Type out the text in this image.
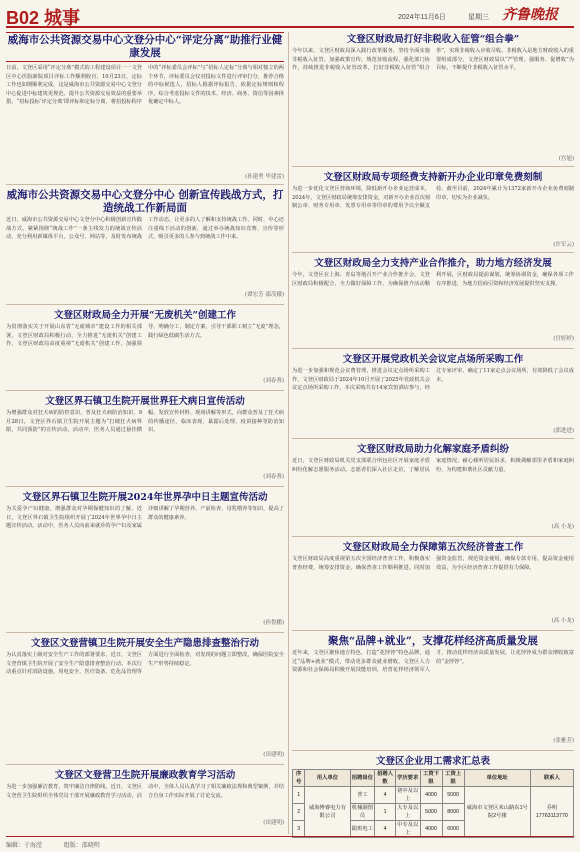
B02 城事	2024年11月6日	星期三 齐鲁晚报
威海市公共资源交易中心文登分中心“评定分离”助推行业健康发展
日前，文登区采用“评定分离”模式的工程建设项目一一文登区中心医院新院项目评标工作顺利收官，10月23日，定标工作也如期顺利完成，这是威海市公共资源交易中心文登分中心促进中标建筑更规范、提升公共资源交易效益的重要举措。“招标投标‘评定分离’即评标和定标分离，将招投标程序中的“评标委员会评标”与“招标人定标”分离与相对独立的两个环节，评标委员会仅对投标文件进行评审打分，推荐合格的中标候选人，招标人根据评标报告，依据定标规则和程序，综合考虑投标文件的技术、经济、商务、资信等因素择优确定中标人。
(孙建勇 毕建雷)
威海市公共资源交易中心文登分中心 创新宣传践战方式，打造统战工作新局面
近日，威海市公共资源交易中心文登分中心积极创新宣传践战方式，紧紧围绕“统战工作”一条主线发力的统战宣传活动，充分利用新媒体平台，公众号、网站等，及时发布统战工作动态，让更多的人了解和支持统战工作。同时，中心还注重线下活动的创新，通过举办统战知识竞赛、宣传等形式，吸引更多的人参与到统战工作中来。
(谭宏芳 邵茂娥)
文登区财政局全力开展“无废机关”创建工作
为贯彻落实关于开展山东省“无废城市”建设工作的相关部署，文登区财政局积极行动，全力推进“无废机关”创建工作。文登区财政局高度重视“无废机关”创建工作，加强领导、明确分工，制定方案，引导干部职工树立“无废”理念，践行绿色低碳生活方式。
(刘春蓉)
文登区界石镇卫生院开展世界狂犬病日宣传活动
为增强群众对狂犬病的防控意识，普及狂犬病防治知识，9月28日，文登区界石镇卫生院开展主题为“打破狂犬病界限，共同预防”的宣传活动。活动中，医务人员通过悬挂横幅、发放宣传材料、现场讲解等形式，向群众普及了狂犬病的传播途径、临床表现、暴露后处理、疫苗接种等防治知识。
(刘春蓉)
文登区界石镇卫生院开展2024年世界孕中日主题宣传活动
为关爱孕产妇健康，增强群众对孕期保健知识的了解，近日，文登区界石镇卫生院组织开展了2024年世界孕中日主题宣传活动。活动中，医务人员向前来就诊的孕产妇及家属详细讲解了孕期营养、产前检查、母乳喂养等知识，提高了群众的健康素养。
(孙鲁鹏)
文登区文登营镇卫生院开展安全生产隐患排查整治行动
为认真落实上级对安全生产工作的部署要求，近日，文登区文登营镇卫生院开展了安全生产隐患排查整治行动。本次行动重点针对消防设施、用电安全、医疗设备、危化品管理等方面进行全面检查，对发现的问题立即整改，确保医院安全生产形势持续稳定。
(田建明)
文登区文登营卫生院开展廉政教育学习活动
为进一步加强廉洁教育，筑牢廉洁自律防线，近日，文登区文登营卫生院组织全体党员干部开展廉政教育学习活动。活动中，全体人员认真学习了相关廉政法规和典型案例，并结合自身工作实际开展了讨论交流。
(田建明)
文登区财政局打好非税收入征管“组合拳”
今年以来，文登区财政局深入践行改革服务，坚持全面实施非税收入征管，加强政策宣传，规范征收流程，强化部门协作，持续推进非税收入征管改革，打好非税收入征管“组合拳”，实现非税收入应收尽收。非税收入是地方财政收入的重要组成部分，文登区财政局以“严管理、强服务、促增收”为目标，不断提升非税收入征管水平。
(宫旭)
文登区财政局专项经费支持新开办企业印章免费刻制
为进一步优化文登区营商环境，降低新开办企业运营成本，2024年，文登区财政局统筹安排资金，对新开办企业首次刻制公章、财务专用章、发票专用章等印章的费用予以全额支持。截至目前，2024年累计为1372家新开办企业免费刻制印章，切实为企业减负。
(许军云)
文登区财政局全力支持产业合作推介，助力地方经济发展
今年，文登区在上海、青岛等地召开产业合作推介会，文登区财政局积极配合，全力做好保障工作。为确保推介活动顺利开展，区财政局提前谋划，统筹协调资金，确保各项工作有序推进，为地方招商引资和经济发展提供坚实支撑。
(宫婷婷)
文登区开展党政机关会议定点场所采购工作
为进一步加强和规范会议费管理，推进会议定点场所采购工作，文登区财政局于2024年10月开展了2025年党政机关会议定点场所采购工作。本次采购共有14家宾馆酒店参与，经过专家评审，确定了11家定点会议场所，有效降低了会议成本。
(郭进进)
文登区财政局助力化解家庭矛盾纠纷
近日，文登区财政局机关党支部联合所包社区开展家庭矛盾纠纷化解志愿服务活动。志愿者们深入社区走访，了解居民家庭情况，耐心倾听居民诉求，积极调解邻里矛盾和家庭纠纷，为构建和谐社区贡献力量。
(高 小龙)
文登区财政局全力保障第五次经济普查工作
文登区财政局高度重视第五次全国经济普查工作，积极落实普查经费，统筹安排资金，确保普查工作顺利推进。同时加强资金监管，规范资金使用，确保专款专用，提高资金使用效益，为全区经济普查工作提供有力保障。
(高 小龙)
聚焦“品牌+就业”，支撑花样经济高质量发展
近年来，文登区聚焦地方特色，打造“花饽饽”特色品牌，通过“品牌+就业”模式，带动更多群众就业增收。文登区人力资源和社会保障局积极开展技能培训，培育花样经济领军人才，推动花样经济高质量发展，让花饽饽成为群众增收致富的“金饽饽”。
(张雅芳)
文登区企业用工需求汇总表
序号	用人单位	招聘岗位	招聘人数	学历要求	工资下限	工资上限	单位地址	联系人
1	威海博睿电力有限公司	普工	4	初中及以上	4000	5000	威海市文登区米山路东1号院2号楼	乔明17763113770
2		机械制图员	1	大专及以上	5000	8000		
3		跟班电工	4	中专及以上	4000	6000		
编辑：于海滢	组版：邵晓明
